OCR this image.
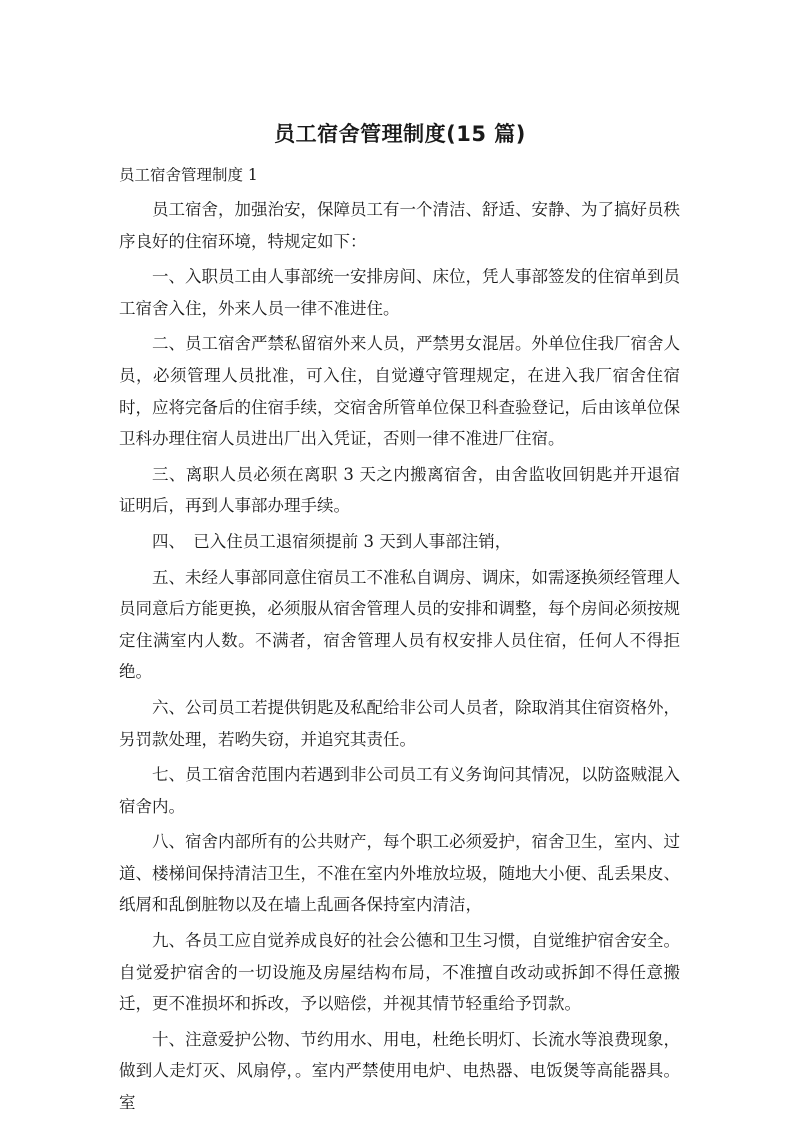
员工宿舍管理制度(15 篇)

员工宿舍管理制度 1

员工宿舍，加强治安，保障员工有一个清洁、舒适、安静、为了搞好员秩序良好的住宿环境，特规定如下：

一、入职员工由人事部统一安排房间、床位，凭人事部签发的住宿单到员工宿舍入住，外来人员一律不准进住。

二、员工宿舍严禁私留宿外来人员，严禁男女混居。外单位住我厂宿舍人员，必须管理人员批准，可入住，自觉遵守管理规定，在进入我厂宿舍住宿时，应将完备后的住宿手续，交宿舍所管单位保卫科查验登记，后由该单位保卫科办理住宿人员进出厂出入凭证，否则一律不准进厂住宿。

三、离职人员必须在离职 3 天之内搬离宿舍，由舍监收回钥匙并开退宿证明后，再到人事部办理手续。

四、　已入住员工退宿须提前 3 天到人事部注销，

五、未经人事部同意住宿员工不准私自调房、调床，如需逐换须经管理人员同意后方能更换，必须服从宿舍管理人员的安排和调整，每个房间必须按规定住满室内人数。不满者，宿舍管理人员有权安排人员住宿，任何人不得拒绝。

六、公司员工若提供钥匙及私配给非公司人员者，除取消其住宿资格外，另罚款处理，若哟失窃，并追究其责任。

七、员工宿舍范围内若遇到非公司员工有义务询问其情况，以防盗贼混入宿舍内。

八、宿舍内部所有的公共财产，每个职工必须爱护，宿舍卫生，室内、过道、楼梯间保持清洁卫生，不准在室内外堆放垃圾，随地大小便、乱丢果皮、纸屑和乱倒脏物以及在墙上乱画各保持室内清洁，

九、各员工应自觉养成良好的社会公德和卫生习惯，自觉维护宿舍安全。自觉爱护宿舍的一切设施及房屋结构布局，不准擅自改动或拆卸不得任意搬迁，更不准损坏和拆改，予以赔偿，并视其情节轻重给予罚款。

十、注意爱护公物、节约用水、用电，杜绝长明灯、长流水等浪费现象，做到人走灯灭、风扇停，。室内严禁使用电炉、电热器、电饭煲等高能器具。室
